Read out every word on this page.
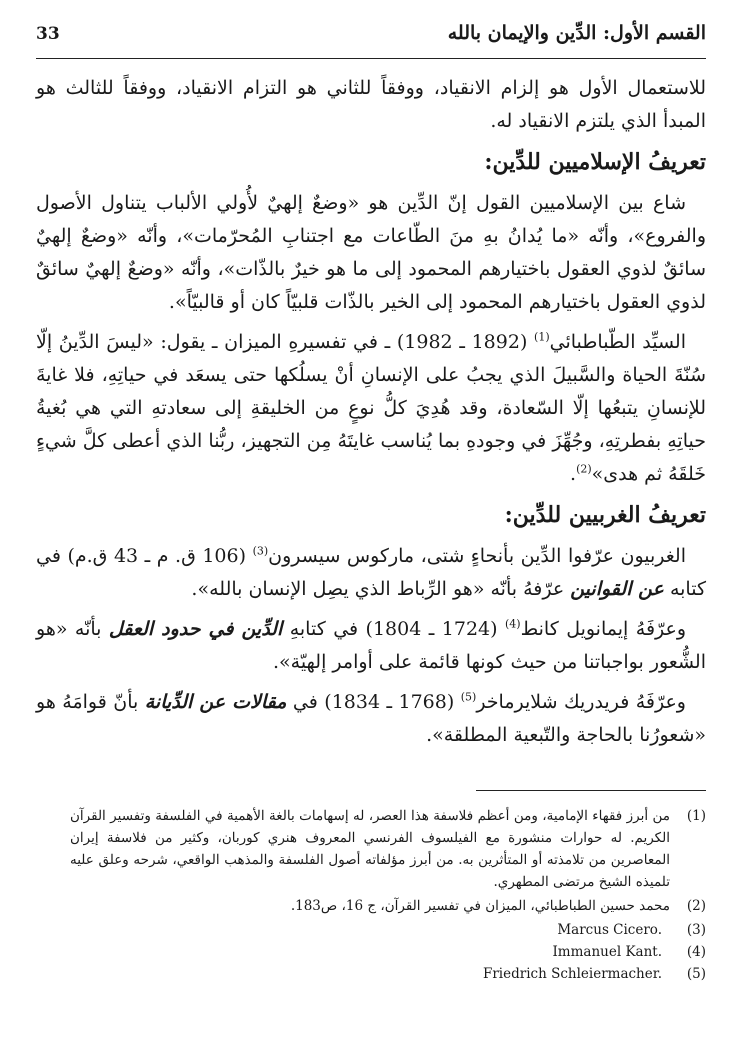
القسم الأول: الدِّين والإيمان بالله
33

للاستعمال الأول هو إلزام الانقياد، ووفقاً للثاني هو التزام الانقياد، ووفقاً للثالث هو المبدأ الذي يلتزم الانقياد له.

تعريفُ الإسلاميين للدِّين:

شاع بين الإسلاميين القول إنّ الدِّين هو «وضعٌ إلهيٌ لأُولي الألباب يتناول الأصول والفروع»، وأنّه «ما يُدانُ بهِ منَ الطّاعات مع اجتنابِ المُحرّمات»، وأنّه «وضعٌ إلهيٌ سائقٌ لذوي العقول باختيارهم المحمود إلى ما هو خيرٌ بالذّات»، وأنّه «وضعٌ إلهيٌ سائقٌ لذوي العقول باختيارهم المحمود إلى الخير بالذّات قلبيّاً كان أو قالبيّاً».

السيِّد الطّباطبائي$^{(1)}$ (1892 ـ 1982) ـ في تفسيرهِ الميزان ـ يقول: «ليسَ الدِّينُ إلّا سُنّةَ الحياة والسَّبيلَ الذي يجبُ على الإنسانِ أنْ يسلُكها حتى يسعَد في حياتِهِ، فلا غايةَ للإنسانِ يتبعُها إلّا السّعادة، وقد هُدِيَ كلُّ نوعٍ من الخليقةِ إلى سعادتهِ التي هي بُغيةُ حياتِهِ بفطرتِهِ، وجُهِّزَ في وجودهِ بما يُناسب غايتَهُ مِن التجهيز، ربُّنا الذي أعطى كلَّ شيءٍ خَلقَهُ ثم هدى»$^{(2)}$.

تعريفُ الغربيين للدِّين:

الغربيون عرّفوا الدِّين بأنحاءٍ شتى، ماركوس سيسرون$^{(3)}$ (106 ق. م ـ 43 ق.م) في كتابه عن القوانين عرّفهُ بأنّه «هو الرِّباط الذي يصِل الإنسان بالله».

وعرّفَهُ إيمانويل كانط$^{(4)}$ (1724 ـ 1804) في كتابهِ الدِّين في حدود العقل بأنّه «هو الشُّعور بواجباتنا من حيث كونها قائمة على أوامر إلهيّة».

وعرّفَهُ فريدريك شلايرماخر$^{(5)}$ (1768 ـ 1834) في مقالات عن الدِّيانة بأنّ قوامَهُ هو «شعورُنا بالحاجة والتّبعية المطلقة».

(1)
من أبرز فقهاء الإمامية، ومن أعظم فلاسفة هذا العصر، له إسهامات بالغة الأهمية في الفلسفة وتفسير القرآن الكريم. له حوارات منشورة مع الفيلسوف الفرنسي المعروف هنري كوربان، وكثير من فلاسفة إيران المعاصرين من تلامذته أو المتأثرين به. من أبرز مؤلفاته أصول الفلسفة والمذهب الواقعي، شرحه وعلق عليه تلميذه الشيخ مرتضى المطهري.
(2)
محمد حسين الطباطبائي، الميزان في تفسير القرآن، ج 16، ص183.
Marcus Cicero.	(3)
Immanuel Kant.	(4)
Friedrich Schleiermacher.	(5)
